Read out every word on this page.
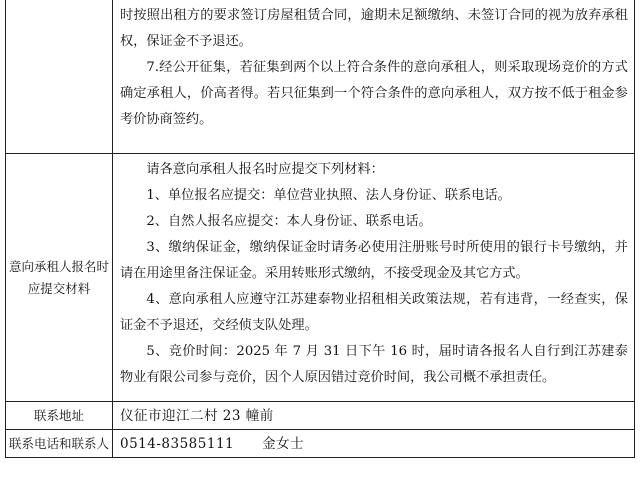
时按照出租方的要求签订房屋租赁合同，逾期未足额缴纳、未签订合同的视为放弃承租权，保证金不予退还。

7.经公开征集，若征集到两个以上符合条件的意向承租人，则采取现场竞价的方式确定承租人，价高者得。若只征集到一个符合条件的意向承租人，双方按不低于租金参考价协商签约。

意向承租人报名时应提交材料

请各意向承租人报名时应提交下列材料：

1、单位报名应提交：单位营业执照、法人身份证、联系电话。

2、自然人报名应提交：本人身份证、联系电话。

3、缴纳保证金，缴纳保证金时请务必使用注册账号时所使用的银行卡号缴纳，并请在用途里备注保证金。采用转账形式缴纳，不接受现金及其它方式。

4、意向承租人应遵守江苏建泰物业招租相关政策法规，若有违背，一经查实，保证金不予退还，交经侦支队处理。

5、竞价时间：2025 年 7 月 31 日下午 16 时，届时请各报名人自行到江苏建泰物业有限公司参与竞价，因个人原因错过竞价时间，我公司概不承担责任。

联系地址	仪征市迎江二村 23 幢前
联系电话和联系人 0514-83585111 金女士
